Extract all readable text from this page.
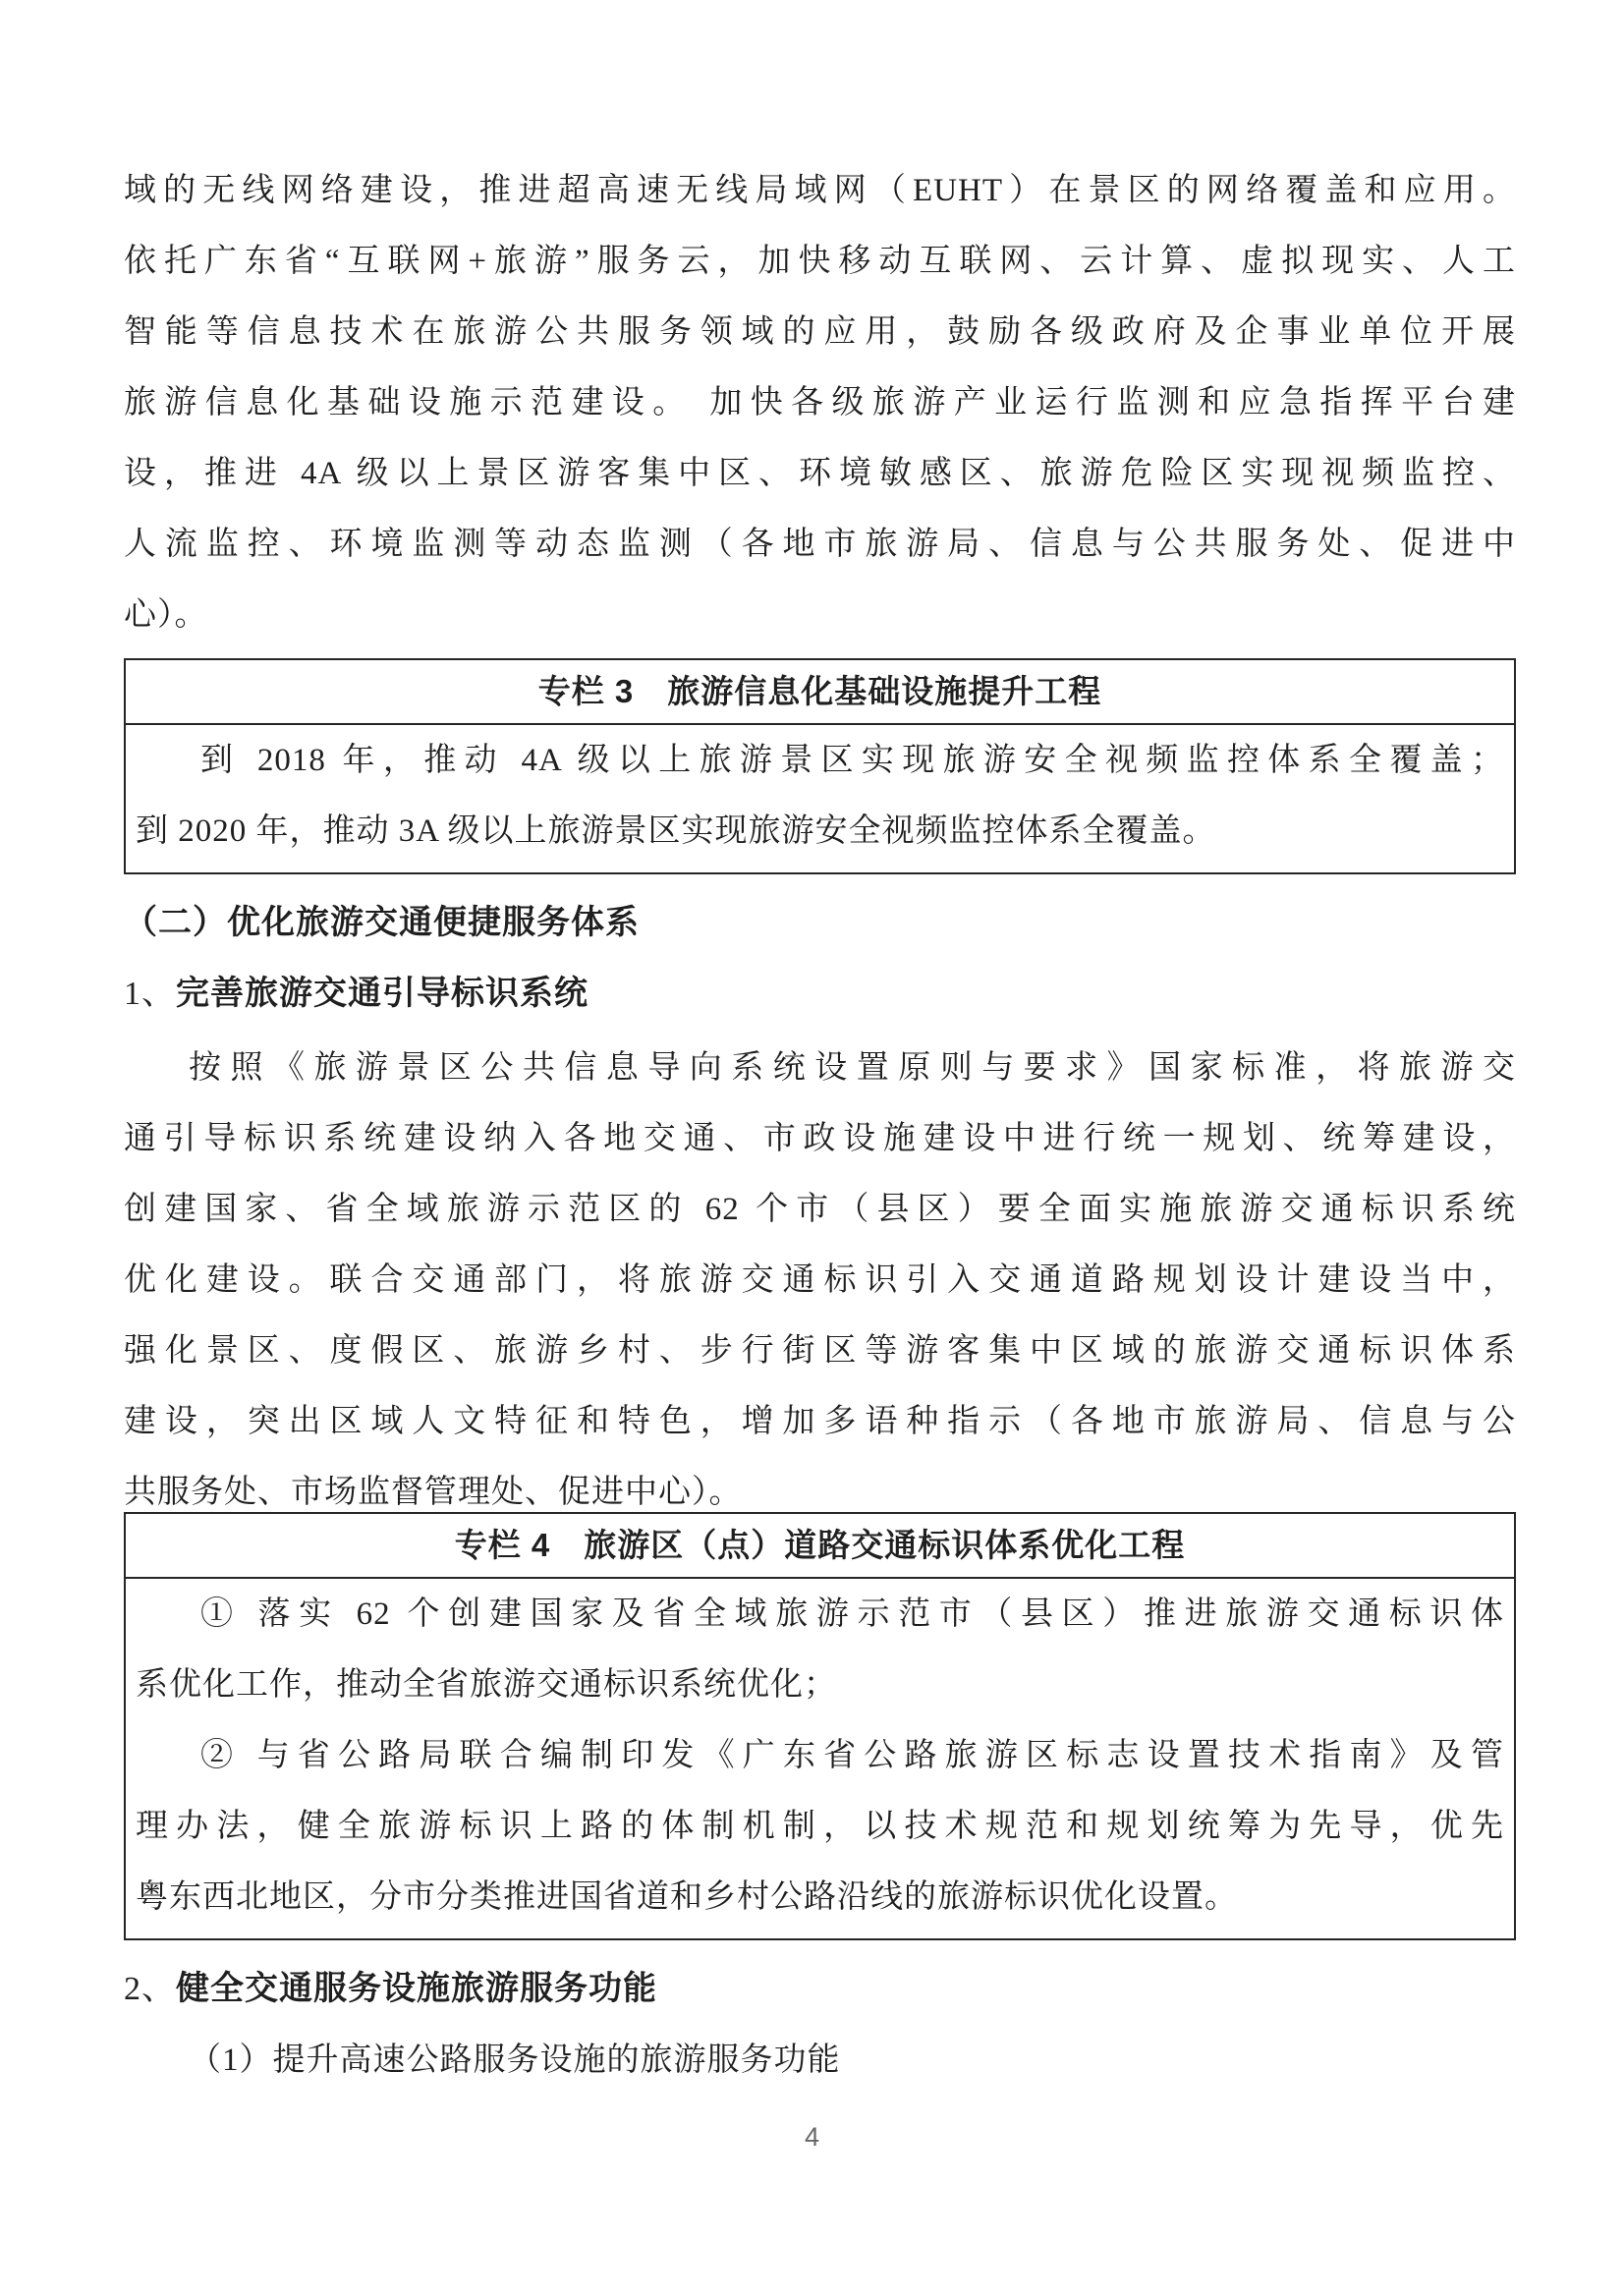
域的无线网络建设，推进超高速无线局域网（EUHT）在景区的网络覆盖和应用。
依托广东省“互联网+旅游”服务云，加快移动互联网、云计算、虚拟现实、人工
智能等信息技术在旅游公共服务领域的应用，鼓励各级政府及企事业单位开展
旅游信息化基础设施示范建设。 加快各级旅游产业运行监测和应急指挥平台建
设，推进 4A 级以上景区游客集中区、环境敏感区、旅游危险区实现视频监控、
人流监控、环境监测等动态监测（各地市旅游局、信息与公共服务处、促进中
心）。
专栏 3　旅游信息化基础设施提升工程
到 2018 年，推动 4A 级以上旅游景区实现旅游安全视频监控体系全覆盖；
到 2020 年，推动 3A 级以上旅游景区实现旅游安全视频监控体系全覆盖。
（二）优化旅游交通便捷服务体系
1、完善旅游交通引导标识系统
按照《旅游景区公共信息导向系统设置原则与要求》国家标准，将旅游交
通引导标识系统建设纳入各地交通、市政设施建设中进行统一规划、统筹建设，
创建国家、省全域旅游示范区的 62 个市（县区）要全面实施旅游交通标识系统
优化建设。联合交通部门，将旅游交通标识引入交通道路规划设计建设当中，
强化景区、度假区、旅游乡村、步行街区等游客集中区域的旅游交通标识体系
建设，突出区域人文特征和特色，增加多语种指示（各地市旅游局、信息与公
共服务处、市场监督管理处、促进中心）。
专栏 4　旅游区（点）道路交通标识体系优化工程
① 落实 62 个创建国家及省全域旅游示范市（县区）推进旅游交通标识体
系优化工作，推动全省旅游交通标识系统优化；
② 与省公路局联合编制印发《广东省公路旅游区标志设置技术指南》及管
理办法，健全旅游标识上路的体制机制，以技术规范和规划统筹为先导，优先
粤东西北地区，分市分类推进国省道和乡村公路沿线的旅游标识优化设置。
2、健全交通服务设施旅游服务功能
（1）提升高速公路服务设施的旅游服务功能
4
